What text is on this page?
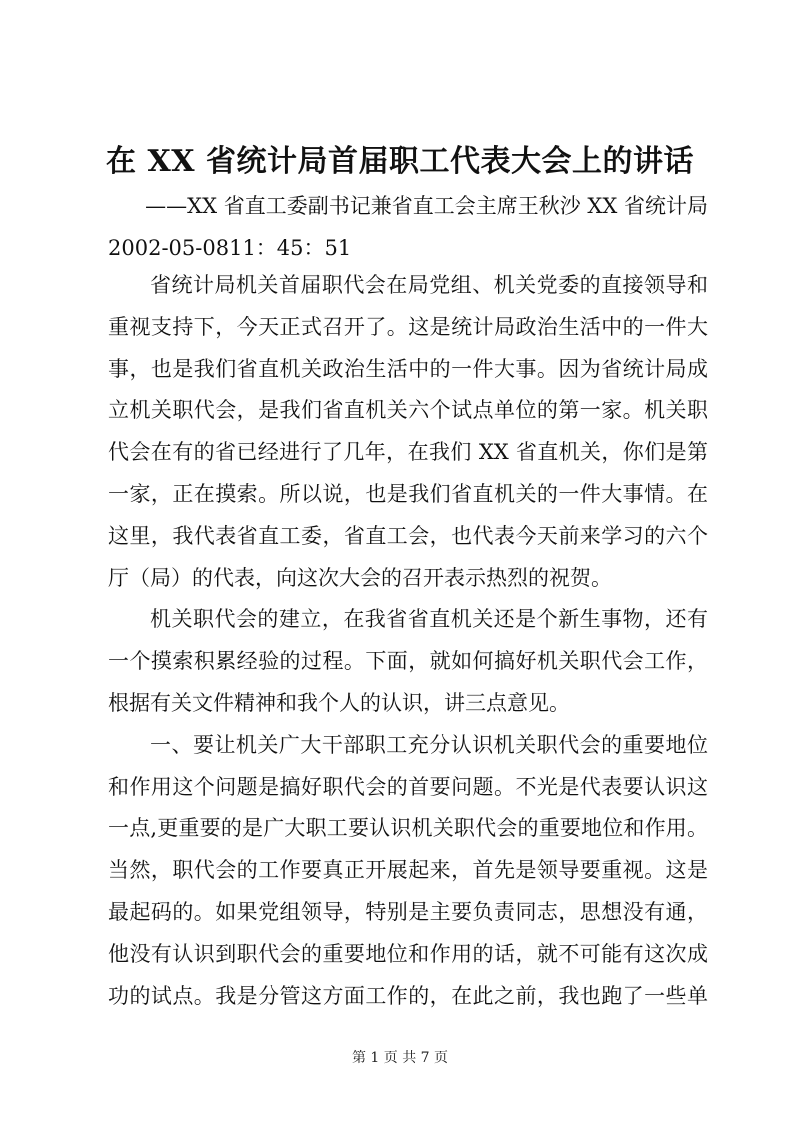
在 XX 省统计局首届职工代表大会上的讲话
——XX 省直工委副书记兼省直工会主席王秋沙 XX 省统计局
2002-05-0811：45：51
省统计局机关首届职代会在局党组、机关党委的直接领导和
重视支持下，今天正式召开了。这是统计局政治生活中的一件大
事，也是我们省直机关政治生活中的一件大事。因为省统计局成
立机关职代会，是我们省直机关六个试点单位的第一家。机关职
代会在有的省已经进行了几年，在我们 XX 省直机关，你们是第
一家，正在摸索。所以说，也是我们省直机关的一件大事情。在
这里，我代表省直工委，省直工会，也代表今天前来学习的六个
厅（局）的代表，向这次大会的召开表示热烈的祝贺。
机关职代会的建立，在我省省直机关还是个新生事物，还有
一个摸索积累经验的过程。下面，就如何搞好机关职代会工作，
根据有关文件精神和我个人的认识，讲三点意见。
一、要让机关广大干部职工充分认识机关职代会的重要地位
和作用这个问题是搞好职代会的首要问题。不光是代表要认识这
一点,更重要的是广大职工要认识机关职代会的重要地位和作用。
当然，职代会的工作要真正开展起来，首先是领导要重视。这是
最起码的。如果党组领导，特别是主要负责同志，思想没有通，
他没有认识到职代会的重要地位和作用的话，就不可能有这次成
功的试点。我是分管这方面工作的，在此之前，我也跑了一些单
第 1 页 共 7 页
